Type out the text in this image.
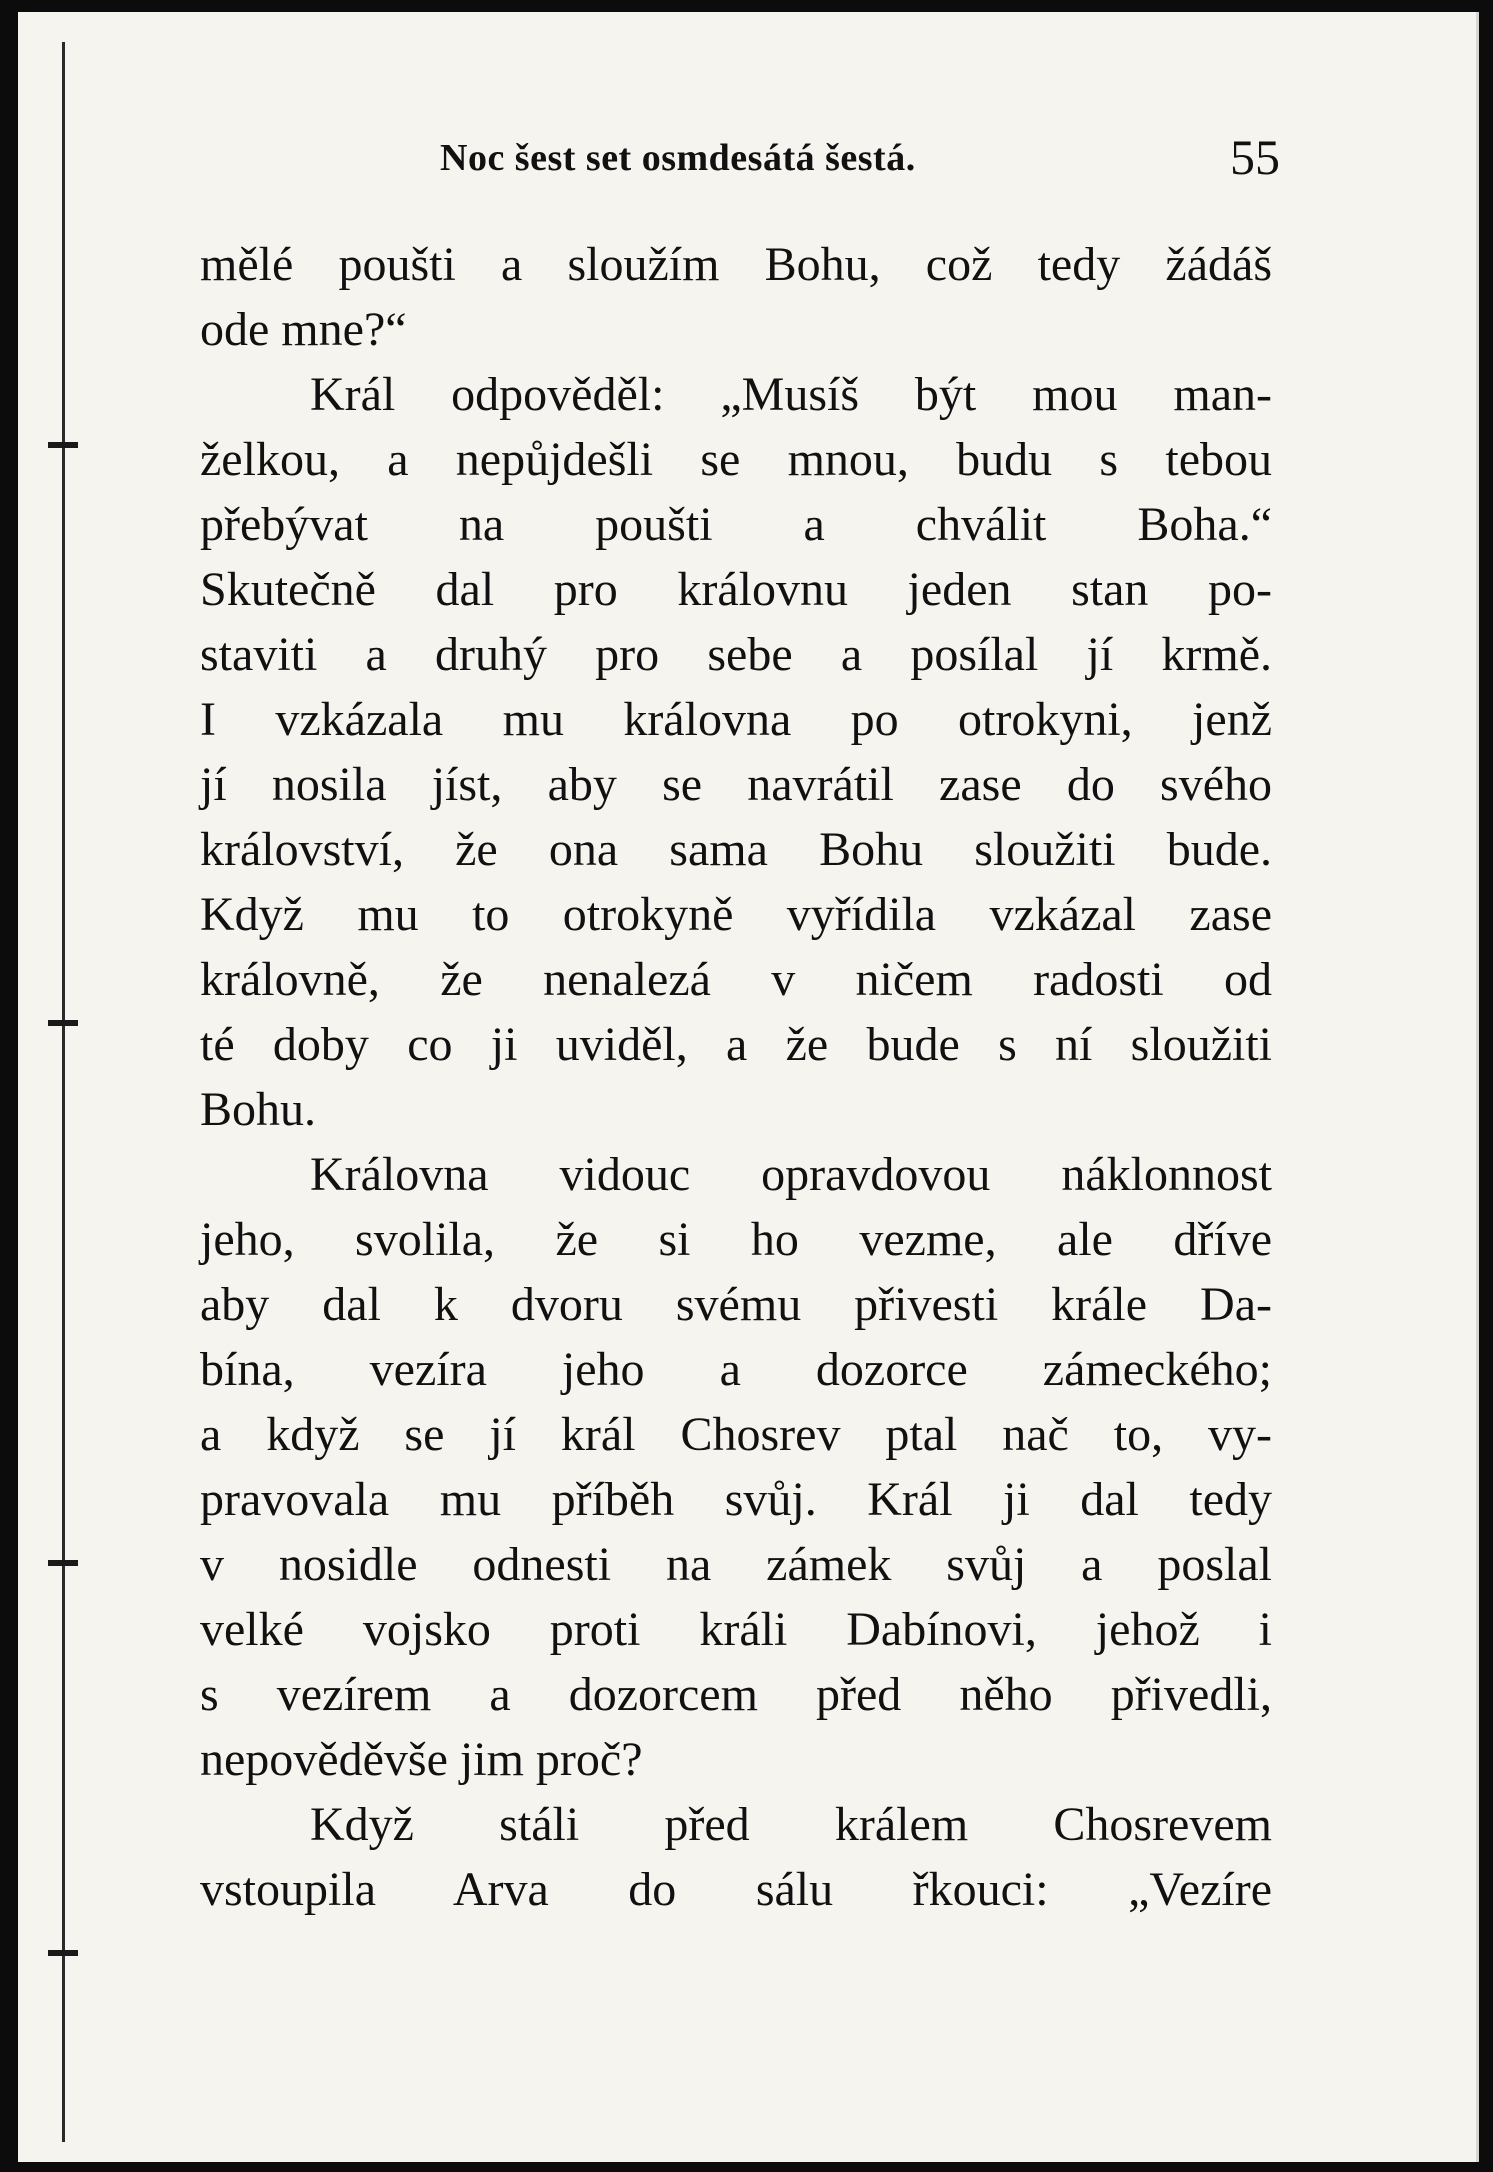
Noc šest set osmdesátá šestá.	55
mělé poušti a sloužím Bohu, což tedy žádáš
ode mne?“
Král odpověděl: „Musíš být mou man-
želkou, a nepůjdešli se mnou, budu s tebou
přebývat na poušti a chválit Boha.“
Skutečně dal pro královnu jeden stan po-
staviti a druhý pro sebe a posílal jí krmě.
I vzkázala mu královna po otrokyni, jenž
jí nosila jíst, aby se navrátil zase do svého
království, že ona sama Bohu sloužiti bude.
Když mu to otrokyně vyřídila vzkázal zase
královně, že nenalezá v ničem radosti od
té doby co ji uviděl, a že bude s ní sloužiti
Bohu.
Královna vidouc opravdovou náklonnost
jeho, svolila, že si ho vezme, ale dříve
aby dal k dvoru svému přivesti krále Da-
bína, vezíra jeho a dozorce zámeckého;
a když se jí král Chosrev ptal nač to, vy-
pravovala mu příběh svůj. Král ji dal tedy
v nosidle odnesti na zámek svůj a poslal
velké vojsko proti králi Dabínovi, jehož i
s vezírem a dozorcem před něho přivedli,
nepověděvše jim proč?
Když stáli před králem Chosrevem
vstoupila Arva do sálu řkouci: „Vezíre
